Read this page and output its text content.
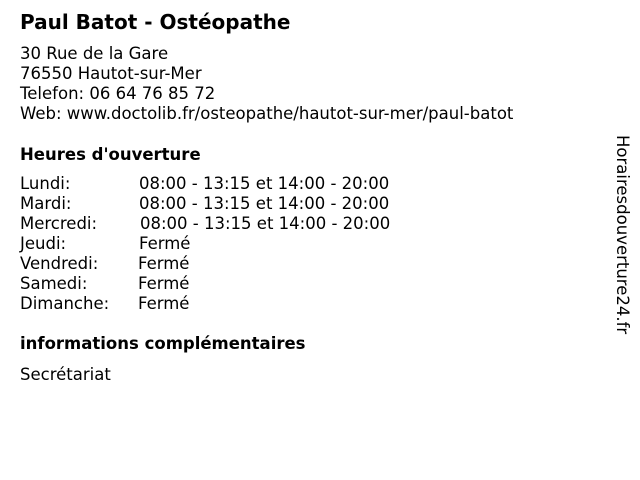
Paul Batot - Ostéopathe
30 Rue de la Gare
76550 Hautot-sur-Mer
Telefon: 06 64 76 85 72
Web: www.doctolib.fr/osteopathe/hautot-sur-mer/paul-batot
Heures d'ouverture
Lundi:	08:00 - 13:15 et 14:00 - 20:00
Mardi:	08:00 - 13:15 et 14:00 - 20:00
Mercredi:	08:00 - 13:15 et 14:00 - 20:00
Jeudi:	Fermé
Vendredi: Fermé
Samedi:	Fermé
Dimanche: Fermé
informations complémentaires
Secrétariat
Horairesdouverture24.fr
